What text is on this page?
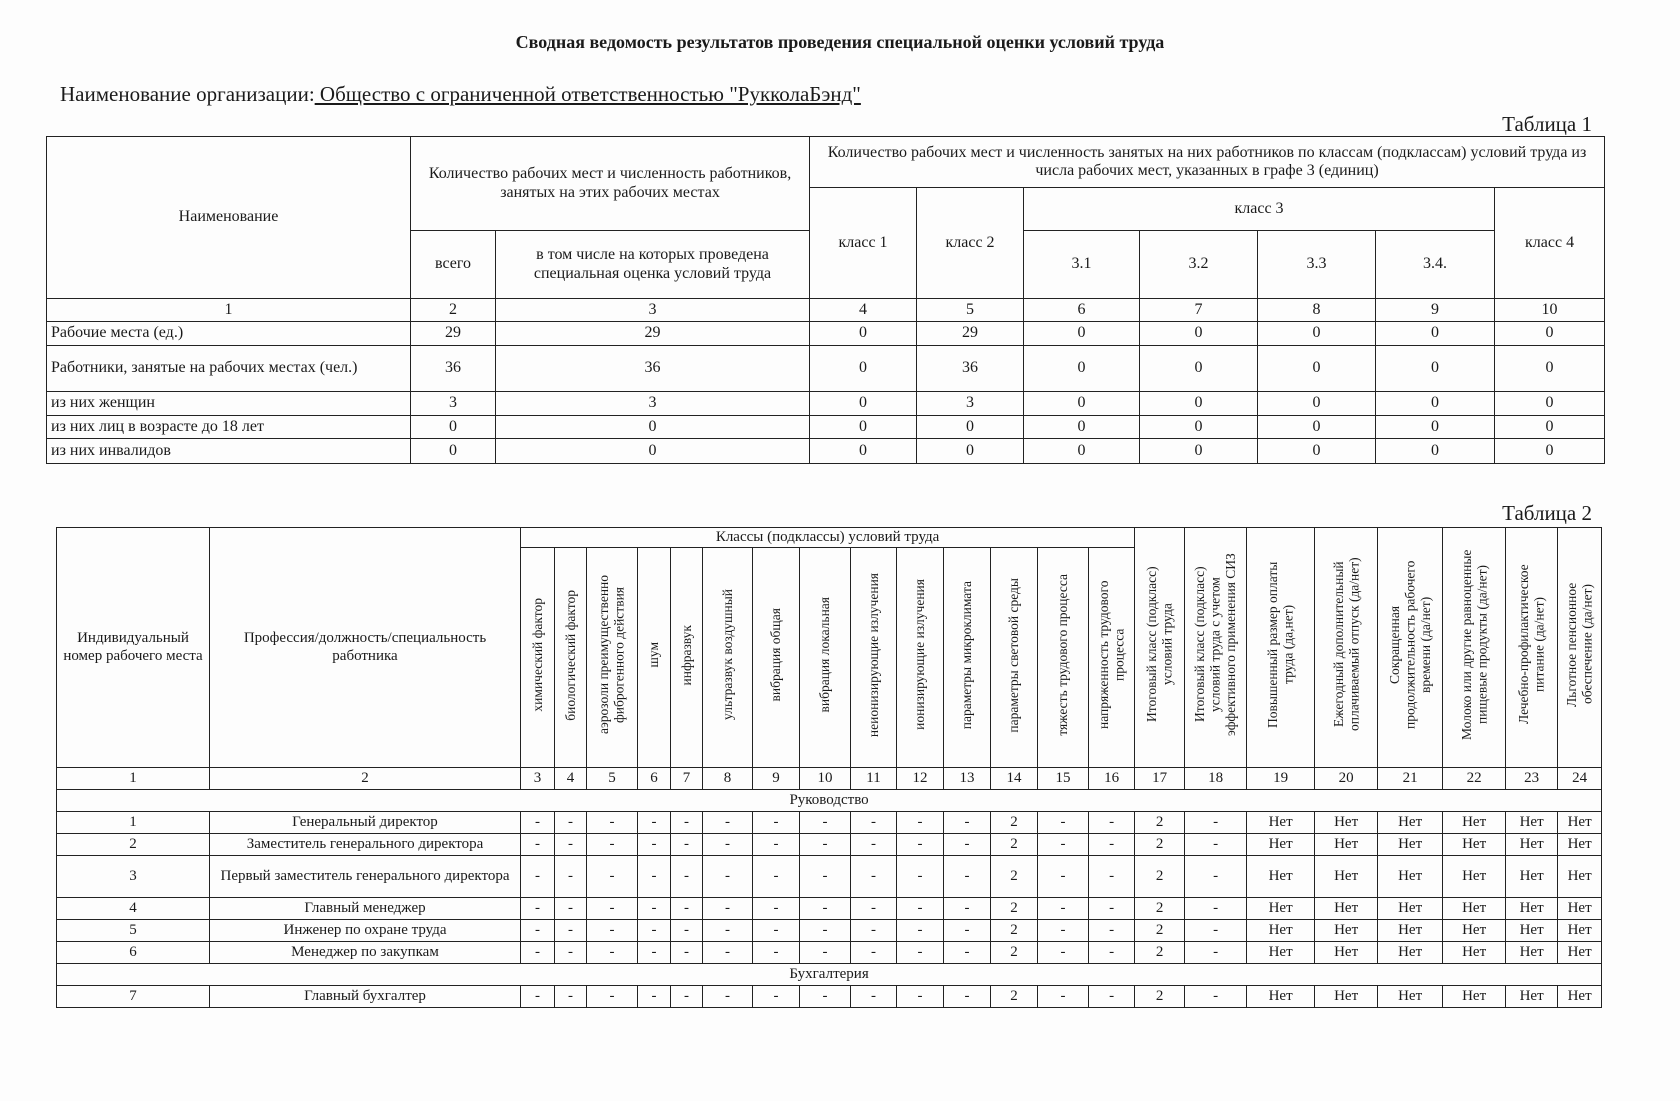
Сводная ведомость результатов проведения специальной оценки условий труда
Наименование организации: Общество с ограниченной ответственностью "РукколаБэнд"
Таблица 1
Наименование	Количество рабочих мест и численность работников, занятых на этих рабочих местах		Количество рабочих мест и численность занятых на них работников по классам (подклассам) условий труда из числа рабочих мест, указанных в графе 3 (единиц)						
			класс 1	класс 2	класс 3				класс 4
	всего	в том числе на которых проведена специальная оценка условий труда			3.1	3.2	3.3	3.4.	
1	2	3	4	5	6	7	8	9	10
Рабочие места (ед.)	29	29	0	29	0	0	0	0	0
Работники, занятые на рабочих местах (чел.)	36	36	0	36	0	0	0	0	0
из них женщин	3	3	0	3	0	0	0	0	0
из них лиц в возрасте до 18 лет	0	0	0	0	0	0	0	0	0
из них инвалидов	0	0	0	0	0	0	0	0	0
Таблица 2
Индивидуальный номер рабочего места	Профессия/должность/специальность работника	Классы (подклассы) условий труда														Итоговый класс (подкласс) условий труда	Итоговый класс (подкласс) условий труда с учетом эффективного применения СИЗ	Повышенный размер оплаты труда (да,нет)	Ежегодный дополнительный оплачиваемый отпуск (да/нет)	Сокращенная продолжительность рабочего времени (да/нет)	Молоко или другие равноценные пищевые продукты (да/нет)	Лечебно-профилактическое питание (да/нет)	Льготное пенсионное обеспечение (да/нет)
		химический фактор	биологический фактор	аэрозоли преимущественно фиброгенного действия	шум	инфразвук	ультразвук воздушный	вибрация общая	вибрация локальная	неионизирующие излучения	ионизирующие излучения	параметры микроклимата	параметры световой среды	тяжесть трудового процесса	напряженность трудового процесса								
1	2	3	4	5	6	7	8	9	10	11	12	13	14	15	16	17	18	19	20	21	22	23	24
Руководство																							
1	Генеральный директор	-	-	-	-	-	-	-	-	-	-	-	2	-	-	2	-	Нет	Нет	Нет	Нет	Нет	Нет
2	Заместитель генерального директора	-	-	-	-	-	-	-	-	-	-	-	2	-	-	2	-	Нет	Нет	Нет	Нет	Нет	Нет
3	Первый заместитель генерального директора	-	-	-	-	-	-	-	-	-	-	-	2	-	-	2	-	Нет	Нет	Нет	Нет	Нет	Нет
4	Главный менеджер	-	-	-	-	-	-	-	-	-	-	-	2	-	-	2	-	Нет	Нет	Нет	Нет	Нет	Нет
5	Инженер по охране труда	-	-	-	-	-	-	-	-	-	-	-	2	-	-	2	-	Нет	Нет	Нет	Нет	Нет	Нет
6	Менеджер по закупкам	-	-	-	-	-	-	-	-	-	-	-	2	-	-	2	-	Нет	Нет	Нет	Нет	Нет	Нет
Бухгалтерия																							
7	Главный бухгалтер	-	-	-	-	-	-	-	-	-	-	-	2	-	-	2	-	Нет	Нет	Нет	Нет	Нет	Нет
